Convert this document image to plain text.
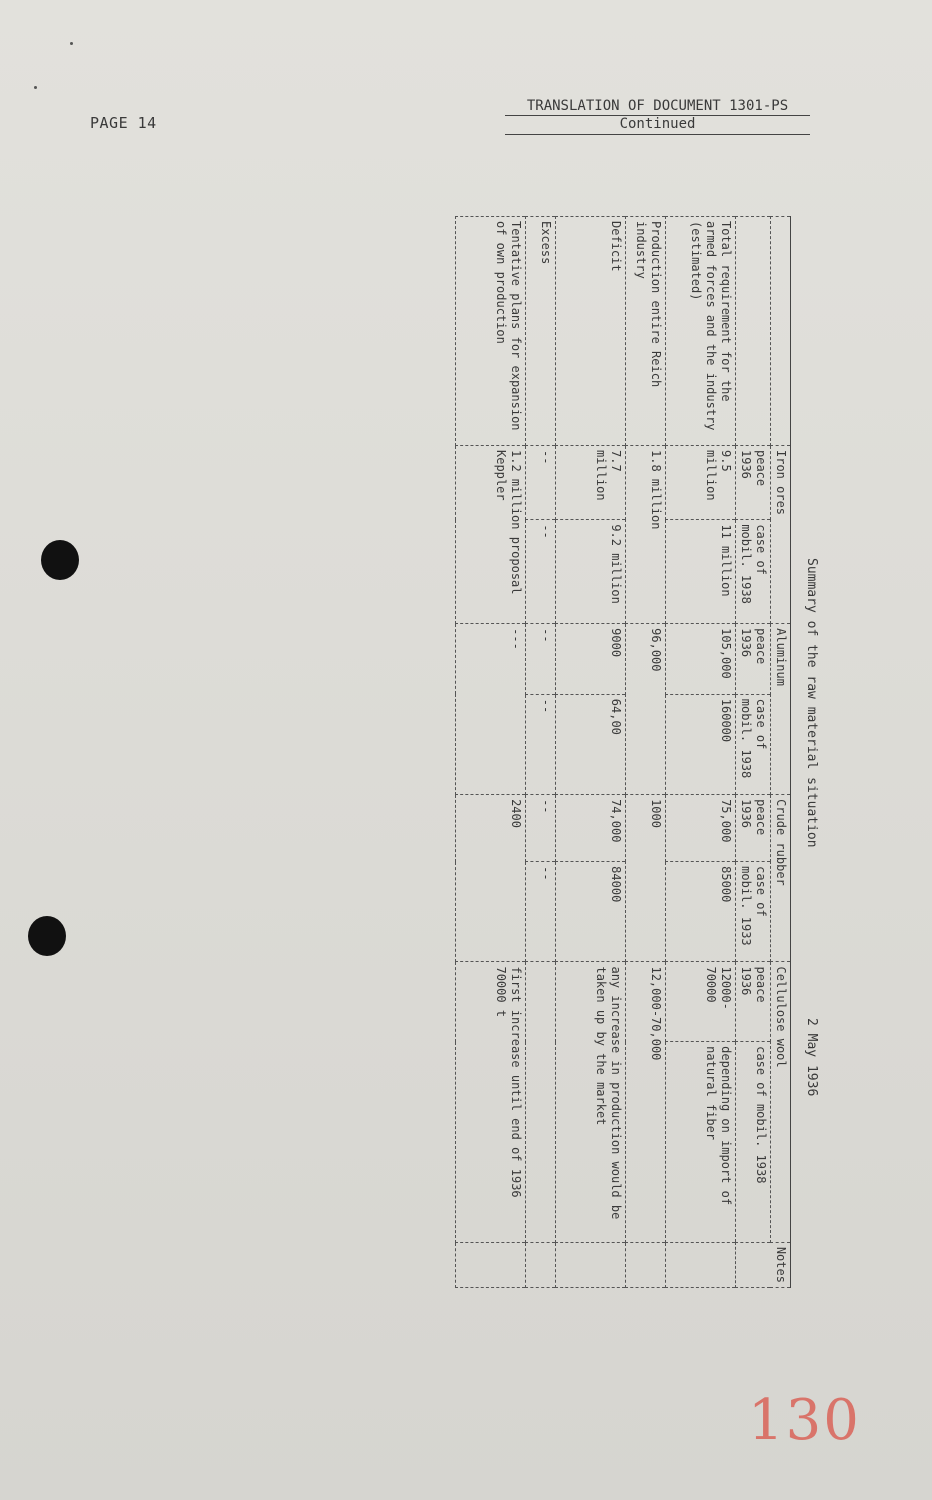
PAGE 14
TRANSLATION OF DOCUMENT 1301-PS
Continued
Summary of the raw material situation
2 May 1936
	Iron ores		Aluminum		Crude rubber		Cellulose wool		Notes
	peace 1936	case of mobil. 1938	peace 1936	case of mobil. 1938	peace 1936	case of mobil. 1933	peace 1936	case of mobil. 1938	
Total requirement for the armed forces and the industry (estimated)	9.5 million	11 million	105,000	160000	75,000	85000	12000-70000	depending on import of natural fiber	
Production entire Reich industry	1.8 million		96,000		1000		12,000-70,000		
Deficit	7.7 million	9.2 million	9000	64,00	74,000	84000	any increase in production would be taken up by the market		
Excess	--	--	--	--	--	--			
Tentative plans for expansion of own production	1.2 million proposal Keppler		---		2400		first increase until end of 1936 70000 t		
130
